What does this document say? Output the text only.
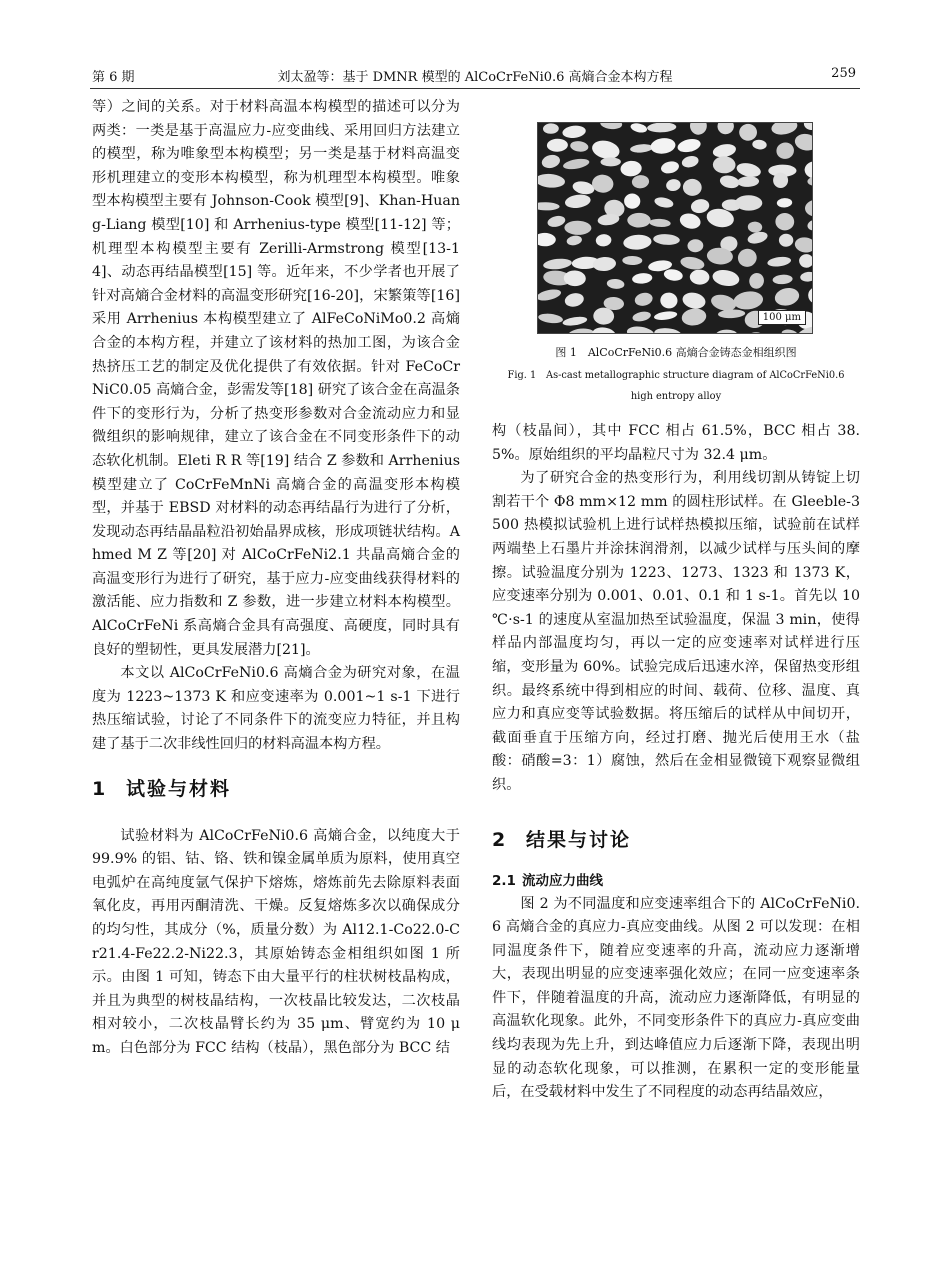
第 6 期	刘太盈等：基于 DMNR 模型的 AlCoCrFeNi0.6 高熵合金本构方程	259

等）之间的关系。对于材料高温本构模型的描述可以分为两类：一类是基于高温应力-应变曲线、采用回归方法建立的模型，称为唯象型本构模型；另一类是基于材料高温变形机理建立的变形本构模型，称为机理型本构模型。唯象型本构模型主要有 Johnson-Cook 模型[9]、Khan-Huang-Liang 模型[10] 和 Arrhenius-type 模型[11-12] 等；机理型本构模型主要有 Zerilli-Armstrong 模型[13-14]、动态再结晶模型[15] 等。近年来，不少学者也开展了针对高熵合金材料的高温变形研究[16-20]，宋繁策等[16] 采用 Arrhenius 本构模型建立了 AlFeCoNiMo0.2 高熵合金的本构方程，并建立了该材料的热加工图，为该合金热挤压工艺的制定及优化提供了有效依据。针对 FeCoCrNiC0.05 高熵合金，彭需发等[18] 研究了该合金在高温条件下的变形行为，分析了热变形参数对合金流动应力和显微组织的影响规律，建立了该合金在不同变形条件下的动态软化机制。Eleti R R 等[19] 结合 Z 参数和 Arrhenius 模型建立了 CoCrFeMnNi 高熵合金的高温变形本构模型，并基于 EBSD 对材料的动态再结晶行为进行了分析，发现动态再结晶晶粒沿初始晶界成核，形成项链状结构。Ahmed M Z 等[20] 对 AlCoCrFeNi2.1 共晶高熵合金的高温变形行为进行了研究，基于应力-应变曲线获得材料的激活能、应力指数和 Z 参数，进一步建立材料本构模型。AlCoCrFeNi 系高熵合金具有高强度、高硬度，同时具有良好的塑韧性，更具发展潜力[21]。

本文以 AlCoCrFeNi0.6 高熵合金为研究对象，在温度为 1223~1373 K 和应变速率为 0.001~1 s-1 下进行热压缩试验，讨论了不同条件下的流变应力特征，并且构建了基于二次非线性回归的材料高温本构方程。

1 试验与材料

试验材料为 AlCoCrFeNi0.6 高熵合金，以纯度大于 99.9% 的铝、钴、铬、铁和镍金属单质为原料，使用真空电弧炉在高纯度氩气保护下熔炼，熔炼前先去除原料表面氧化皮，再用丙酮清洗、干燥。反复熔炼多次以确保成分的均匀性，其成分（%，质量分数）为 Al12.1-Co22.0-Cr21.4-Fe22.2-Ni22.3，其原始铸态金相组织如图 1 所示。由图 1 可知，铸态下由大量平行的柱状树枝晶构成，并且为典型的树枝晶结构，一次枝晶比较发达，二次枝晶相对较小，二次枝晶臂长约为 35 μm、臂宽约为 10 μm。白色部分为 FCC 结构（枝晶），黑色部分为 BCC 结

100 μm
图 1　AlCoCrFeNi0.6 高熵合金铸态金相组织图
Fig. 1　As-cast metallographic structure diagram of AlCoCrFeNi0.6
high entropy alloy

构（枝晶间），其中 FCC 相占 61.5%，BCC 相占 38.5%。原始组织的平均晶粒尺寸为 32.4 μm。

为了研究合金的热变形行为，利用线切割从铸锭上切割若干个 Φ8 mm×12 mm 的圆柱形试样。在 Gleeble-3500 热模拟试验机上进行试样热模拟压缩，试验前在试样两端垫上石墨片并涂抹润滑剂，以减少试样与压头间的摩擦。试验温度分别为 1223、1273、1323 和 1373 K，应变速率分别为 0.001、0.01、0.1 和 1 s-1。首先以 10 ℃·s-1 的速度从室温加热至试验温度，保温 3 min，使得样品内部温度均匀，再以一定的应变速率对试样进行压缩，变形量为 60%。试验完成后迅速水淬，保留热变形组织。最终系统中得到相应的时间、载荷、位移、温度、真应力和真应变等试验数据。将压缩后的试样从中间切开，截面垂直于压缩方向，经过打磨、抛光后使用王水（盐酸：硝酸=3：1）腐蚀，然后在金相显微镜下观察显微组织。

2 结果与讨论
2.1 流动应力曲线

图 2 为不同温度和应变速率组合下的 AlCoCrFeNi0.6 高熵合金的真应力-真应变曲线。从图 2 可以发现：在相同温度条件下，随着应变速率的升高，流动应力逐渐增大，表现出明显的应变速率强化效应；在同一应变速率条件下，伴随着温度的升高，流动应力逐渐降低，有明显的高温软化现象。此外，不同变形条件下的真应力-真应变曲线均表现为先上升，到达峰值应力后逐渐下降，表现出明显的动态软化现象，可以推测，在累积一定的变形能量后，在受载材料中发生了不同程度的动态再结晶效应，
